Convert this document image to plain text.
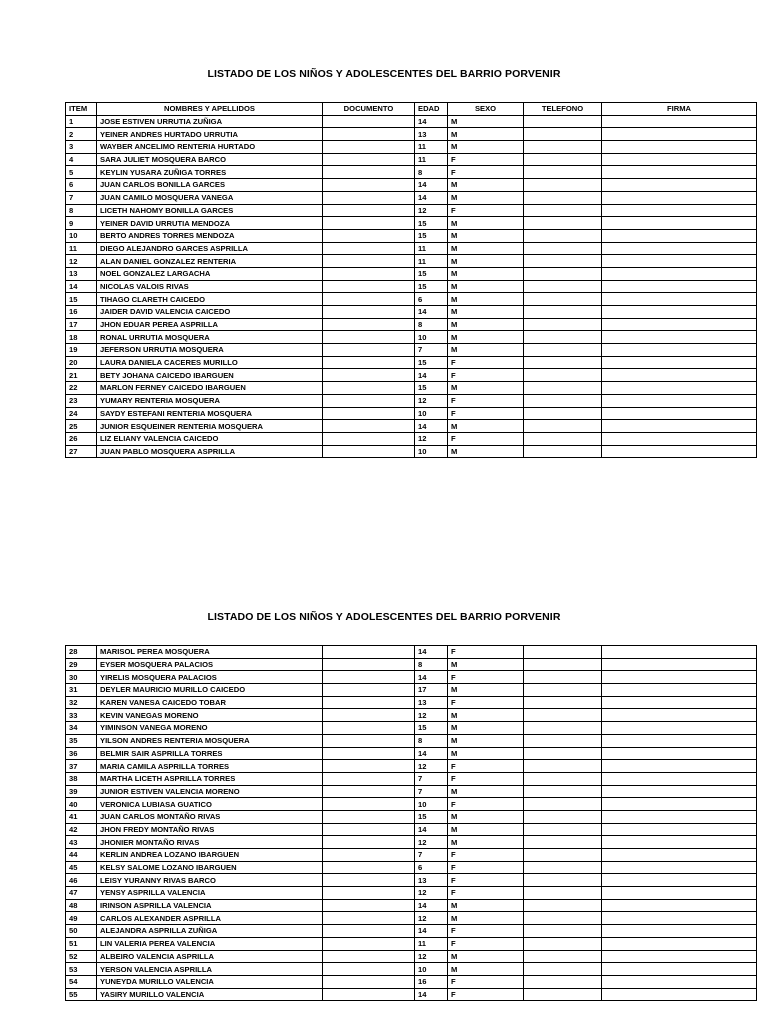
LISTADO DE LOS NIÑOS Y ADOLESCENTES DEL BARRIO PORVENIR
ITEM	NOMBRES Y APELLIDOS	DOCUMENTO	EDAD	SEXO	TELEFONO	FIRMA
1	JOSE ESTIVEN URRUTIA ZUÑIGA		14	M		
2	YEINER ANDRES HURTADO URRUTIA		13	M		
3	WAYBER ANCELIMO RENTERIA HURTADO		11	M		
4	SARA JULIET MOSQUERA BARCO		11	F		
5	KEYLIN YUSARA ZUÑIGA TORRES		8	F		
6	JUAN CARLOS BONILLA GARCES		14	M		
7	JUAN CAMILO MOSQUERA VANEGA		14	M		
8	LICETH NAHOMY BONILLA GARCES		12	F		
9	YEINER DAVID URRUTIA MENDOZA		15	M		
10	BERTO ANDRES TORRES MENDOZA		15	M		
11	DIEGO ALEJANDRO GARCES ASPRILLA		11	M		
12	ALAN DANIEL GONZALEZ RENTERIA		11	M		
13	NOEL GONZALEZ LARGACHA		15	M		
14	NICOLAS VALOIS RIVAS		15	M		
15	TIHAGO CLARETH CAICEDO		6	M		
16	JAIDER DAVID VALENCIA CAICEDO		14	M		
17	JHON EDUAR PEREA ASPRILLA		8	M		
18	RONAL URRUTIA MOSQUERA		10	M		
19	JEFERSON URRUTIA MOSQUERA		7	M		
20	LAURA DANIELA CACERES MURILLO		15	F		
21	BETY JOHANA CAICEDO IBARGUEN		14	F		
22	MARLON FERNEY CAICEDO IBARGUEN		15	M		
23	YUMARY RENTERIA MOSQUERA		12	F		
24	SAYDY ESTEFANI RENTERIA MOSQUERA		10	F		
25	JUNIOR ESQUEINER RENTERIA MOSQUERA		14	M		
26	LIZ ELIANY VALENCIA CAICEDO		12	F		
27	JUAN PABLO MOSQUERA ASPRILLA		10	M		
LISTADO DE LOS NIÑOS Y ADOLESCENTES DEL BARRIO PORVENIR
28	MARISOL PEREA MOSQUERA		14	F		
29	EYSER MOSQUERA PALACIOS		8	M		
30	YIRELIS MOSQUERA PALACIOS		14	F		
31	DEYLER MAURICIO MURILLO CAICEDO		17	M		
32	KAREN VANESA CAICEDO TOBAR		13	F		
33	KEVIN VANEGAS MORENO		12	M		
34	YIMINSON VANEGA MORENO		15	M		
35	YILSON ANDRES RENTERIA MOSQUERA		8	M		
36	BELMIR SAIR ASPRILLA TORRES		14	M		
37	MARIA CAMILA ASPRILLA TORRES		12	F		
38	MARTHA LICETH ASPRILLA TORRES		7	F		
39	JUNIOR ESTIVEN VALENCIA MORENO		7	M		
40	VERONICA LUBIASA GUATICO		10	F		
41	JUAN CARLOS MONTAÑO RIVAS		15	M		
42	JHON FREDY MONTAÑO RIVAS		14	M		
43	JHONIER MONTAÑO RIVAS		12	M		
44	KERLIN ANDREA LOZANO IBARGUEN		7	F		
45	KELSY SALOME LOZANO IBARGUEN		6	F		
46	LEISY YURANNY RIVAS BARCO		13	F		
47	YENSY ASPRILLA VALENCIA		12	F		
48	IRINSON ASPRILLA VALENCIA		14	M		
49	CARLOS ALEXANDER ASPRILLA		12	M		
50	ALEJANDRA ASPRILLA ZUÑIGA		14	F		
51	LIN VALERIA PEREA VALENCIA		11	F		
52	ALBEIRO VALENCIA ASPRILLA		12	M		
53	YERSON VALENCIA ASPRILLA		10	M		
54	YUNEYDA MURILLO VALENCIA		16	F		
55	YASIRY MURILLO VALENCIA		14	F		
